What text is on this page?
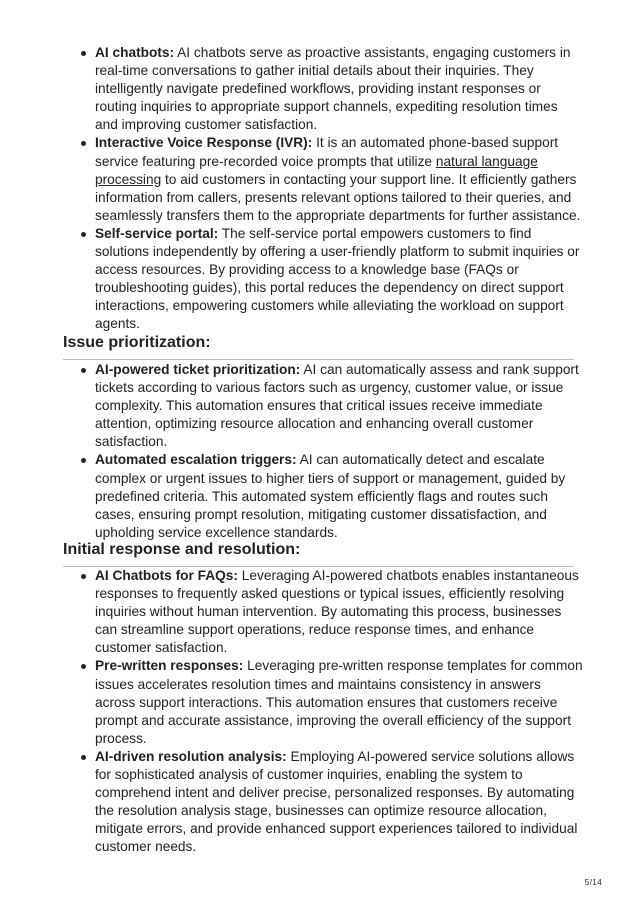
AI chatbots: AI chatbots serve as proactive assistants, engaging customers in real-time conversations to gather initial details about their inquiries. They intelligently navigate predefined workflows, providing instant responses or routing inquiries to appropriate support channels, expediting resolution times and improving customer satisfaction.
Interactive Voice Response (IVR): It is an automated phone-based support service featuring pre-recorded voice prompts that utilize natural language processing to aid customers in contacting your support line. It efficiently gathers information from callers, presents relevant options tailored to their queries, and seamlessly transfers them to the appropriate departments for further assistance.
Self-service portal: The self-service portal empowers customers to find solutions independently by offering a user-friendly platform to submit inquiries or access resources. By providing access to a knowledge base (FAQs or troubleshooting guides), this portal reduces the dependency on direct support interactions, empowering customers while alleviating the workload on support agents.
Issue prioritization:
AI-powered ticket prioritization: AI can automatically assess and rank support tickets according to various factors such as urgency, customer value, or issue complexity. This automation ensures that critical issues receive immediate attention, optimizing resource allocation and enhancing overall customer satisfaction.
Automated escalation triggers: AI can automatically detect and escalate complex or urgent issues to higher tiers of support or management, guided by predefined criteria. This automated system efficiently flags and routes such cases, ensuring prompt resolution, mitigating customer dissatisfaction, and upholding service excellence standards.
Initial response and resolution:
AI Chatbots for FAQs: Leveraging AI-powered chatbots enables instantaneous responses to frequently asked questions or typical issues, efficiently resolving inquiries without human intervention. By automating this process, businesses can streamline support operations, reduce response times, and enhance customer satisfaction.
Pre-written responses: Leveraging pre-written response templates for common issues accelerates resolution times and maintains consistency in answers across support interactions. This automation ensures that customers receive prompt and accurate assistance, improving the overall efficiency of the support process.
AI-driven resolution analysis: Employing AI-powered service solutions allows for sophisticated analysis of customer inquiries, enabling the system to comprehend intent and deliver precise, personalized responses. By automating the resolution analysis stage, businesses can optimize resource allocation, mitigate errors, and provide enhanced support experiences tailored to individual customer needs.
5/14
